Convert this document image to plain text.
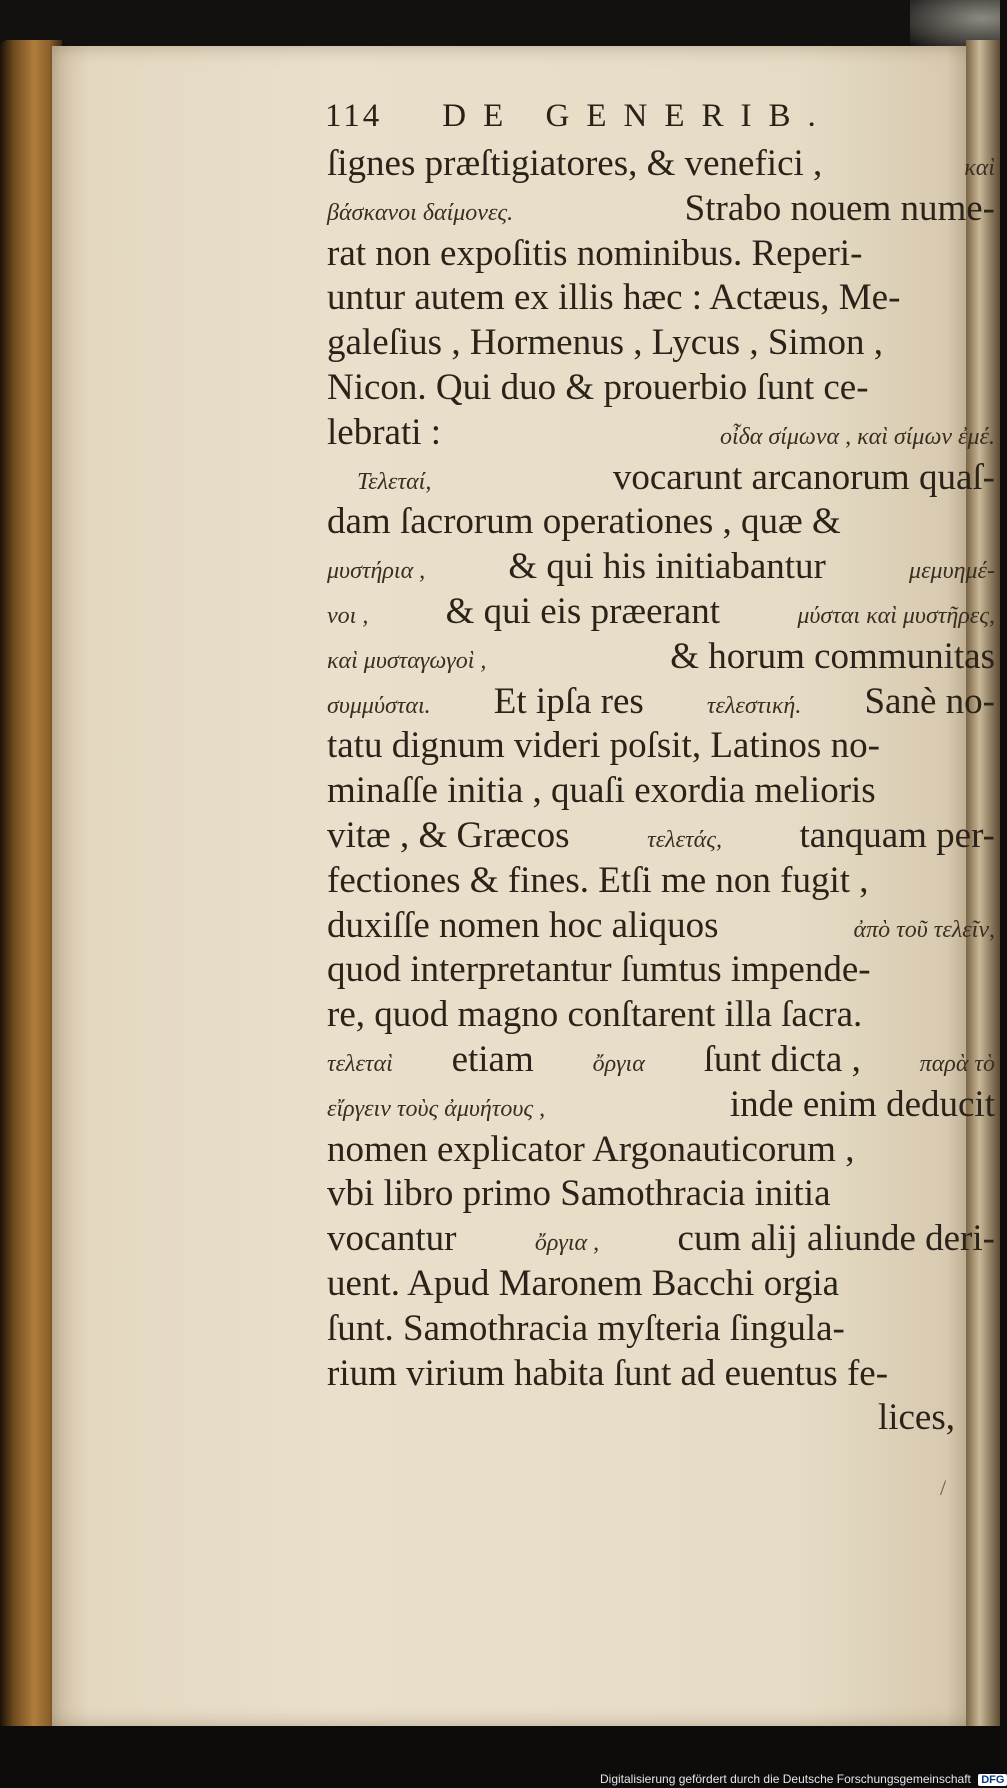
114 DE GENERIB.
ſignes præſtigiatores, & venefici ,	καὶ
βάσκανοι δαίμονες.	Strabo nouem nume-
rat non expoſitis nominibus. Reperi-
untur autem ex illis hæc : Actæus, Me-
galeſius , Hormenus , Lycus , Simon ,
Nicon. Qui duo & prouerbio ſunt ce-
lebrati :	οἶδα σίμωνα , καὶ σίμων ἐμέ.
Τελεταί,	vocarunt arcanorum quaſ-
dam ſacrorum operationes , quæ &
μυστήρια , & qui his initiabantur	μεμυημέ-
νοι , & qui eis præerant	μύσται καὶ μυστῆρες,
καὶ μυσταγωγοὶ ,	& horum communitas
συμμύσται. Et ipſa res	τελεστική. Sanè no-
tatu dignum videri poſsit, Latinos no-
minaſſe initia , quaſi exordia melioris
vitæ , & Græcos	τελετάς, tanquam per-
fectiones & fines. Etſi me non fugit ,
duxiſſe nomen hoc aliquos	ἀπὸ τοῦ τελεῖν,
quod interpretantur ſumtus impende-
re, quod magno conſtarent illa ſacra.
τελεταὶ etiam ὄργια ſunt dicta , παρὰ τὸ
εἴργειν τοὺς ἀμυήτους ,	inde enim deducit
nomen explicator Argonauticorum ,
vbi libro primo Samothracia initia
vocantur	ὄργια , cum alij aliunde deri-
uent. Apud Maronem Bacchi orgia
ſunt. Samothracia myſteria ſingula-
rium virium habita ſunt ad euentus fe-
lices,
/
Digitalisierung gefördert durch die Deutsche Forschungsgemeinschaft DFG
